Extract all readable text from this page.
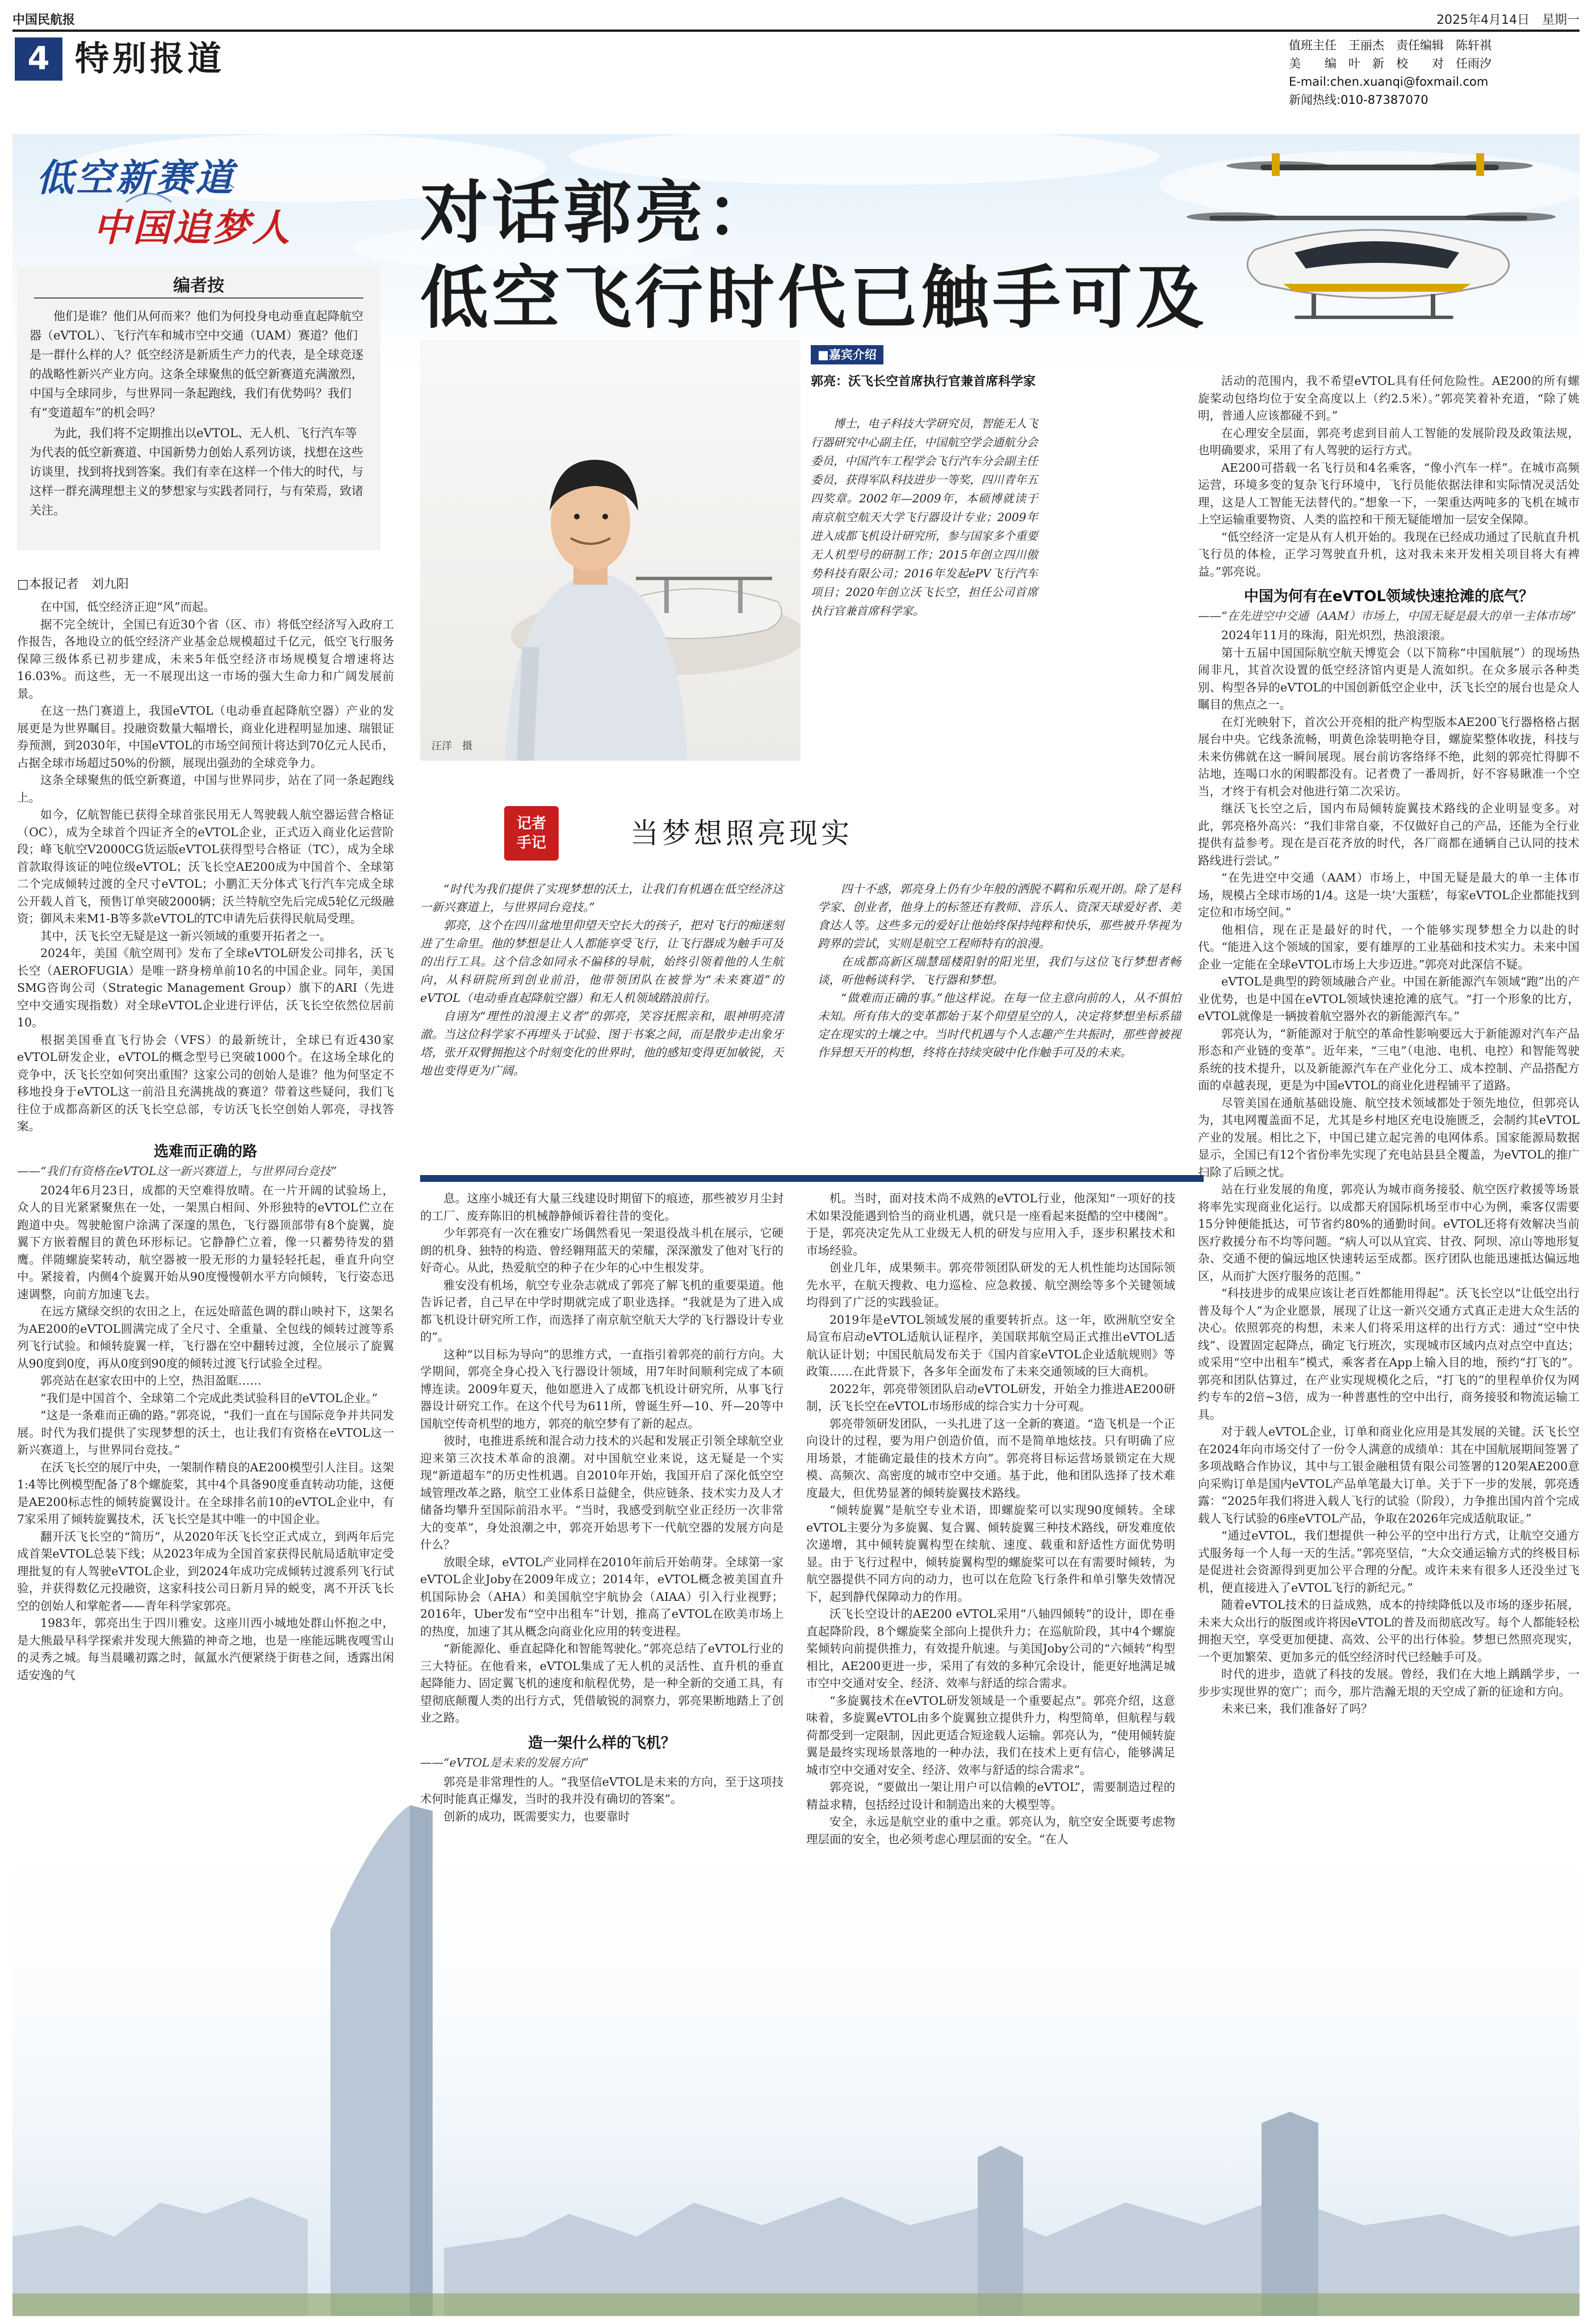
中国民航报	2025年4月14日　星期一
4 特别报道	值班主任　王丽杰　责任编辑　陈轩祺
美　　编　叶　新　校　　对　任雨汐
E-mail:chen.xuanqi@foxmail.com
新闻热线:010-87387070
低空新赛道
中国追梦人 对话郭亮：
低空飞行时代已触手可及
编者按

他们是谁？他们从何而来？他们为何投身电动垂直起降航空器（eVTOL）、飞行汽车和城市空中交通（UAM）赛道？他们是一群什么样的人？低空经济是新质生产力的代表，是全球竞逐的战略性新兴产业方向。这条全球聚焦的低空新赛道充满激烈，中国与全球同步，与世界同一条起跑线，我们有优势吗？我们有“变道超车”的机会吗？

为此，我们将不定期推出以eVTOL、无人机、飞行汽车等为代表的低空新赛道、中国新势力创始人系列访谈，找想在这些访谈里，找到将找到答案。我们有幸在这样一个伟大的时代，与这样一群充满理想主义的梦想家与实践者同行，与有荣焉，致诸关注。

□本报记者　刘九阳
汪洋　摄
■嘉宾介绍
郭亮：沃飞长空首席执行官兼首席科学家
博士，电子科技大学研究员，智能无人飞行器研究中心副主任，中国航空学会通航分会委员，中国汽车工程学会飞行汽车分会副主任委员，获得军队科技进步一等奖，四川青年五四奖章。2002年—2009年，本硕博就读于南京航空航天大学飞行器设计专业；2009年进入成都飞机设计研究所，参与国家多个重要无人机型号的研制工作；2015年创立四川傲势科技有限公司；2016年发起ePV飞行汽车项目；2020年创立沃飞长空，担任公司首席执行官兼首席科学家。
记者
手记	当梦想照亮现实

“时代为我们提供了实现梦想的沃土，让我们有机遇在低空经济这一新兴赛道上，与世界同台竞技。”

郭亮，这个在四川盆地里仰望天空长大的孩子，把对飞行的痴迷刻进了生命里。他的梦想是让人人都能享受飞行，让飞行器成为触手可及的出行工具。这个信念如同永不偏移的导航，始终引领着他的人生航向，从科研院所到创业前沿，他带领团队在被誉为“未来赛道”的eVTOL（电动垂直起降航空器）和无人机领域踏浪前行。

自诩为“理性的浪漫主义者”的郭亮，笑容抚熙亲和，眼神明亮清澈。当这位科学家不再埋头于试验、图于书案之间，而是散步走出象牙塔，张开双臂拥抱这个时刻变化的世界时，他的感知变得更加敏锐，天地也变得更为广阔。

四十不惑，郭亮身上仍有少年般的洒脱不羁和乐观开朗。除了是科学家、创业者，他身上的标签还有教师、音乐人、资深天球爱好者、美食达人等。这些多元的爱好让他始终保持纯粹和快乐，那些被升华视为跨界的尝试，实则是航空工程师特有的浪漫。

在成都高新区瑞慧瑶楼阳射的阳光里，我们与这位飞行梦想者畅谈，听他畅谈科学、飞行器和梦想。

“做难而正确的事。”他这样说。在每一位主意向前的人，从不惧怕未知。所有伟大的变革都始于某个仰望星空的人，决定将梦想坐标系锚定在现实的土壤之中。当时代机遇与个人志趣产生共振时，那些曾被视作异想天开的构想，终将在持续突破中化作触手可及的未来。

在中国，低空经济正迎“风”而起。

据不完全统计，全国已有近30个省（区、市）将低空经济写入政府工作报告，各地设立的低空经济产业基金总规模超过千亿元，低空飞行服务保障三级体系已初步建成，未来5年低空经济市场规模复合增速将达16.03%。而这些，无一不展现出这一市场的强大生命力和广阔发展前景。

在这一热门赛道上，我国eVTOL（电动垂直起降航空器）产业的发展更是为世界瞩目。投融资数量大幅增长，商业化进程明显加速、瑞银证券预测，到2030年，中国eVTOL的市场空间预计将达到70亿元人民币，占据全球市场超过50%的份额，展现出强劲的全球竞争力。

这条全球聚焦的低空新赛道，中国与世界同步，站在了同一条起跑线上。

如今，亿航智能已获得全球首张民用无人驾驶载人航空器运营合格证（OC），成为全球首个四证齐全的eVTOL企业，正式迈入商业化运营阶段；峰飞航空V2000CG货运版eVTOL获得型号合格证（TC），成为全球首款取得该证的吨位级eVTOL；沃飞长空AE200成为中国首个、全球第二个完成倾转过渡的全尺寸eVTOL；小鹏汇天分体式飞行汽车完成全球公开载人首飞，预售订单突破2000辆；沃兰特航空先后完成5轮亿元级融资；御风未来M1-B等多款eVTOL的TC申请先后获得民航局受理。

其中，沃飞长空无疑是这一新兴领域的重要开拓者之一。

2024年，美国《航空周刊》发布了全球eVTOL研发公司排名，沃飞长空（AEROFUGIA）是唯一跻身榜单前10名的中国企业。同年，美国SMG咨询公司（Strategic Management Group）旗下的ARI（先进空中交通实现指数）对全球eVTOL企业进行评估，沃飞长空依然位居前10。

根据美国垂直飞行协会（VFS）的最新统计，全球已有近430家eVTOL研发企业，eVTOL的概念型号已突破1000个。在这场全球化的竞争中，沃飞长空如何突出重围？这家公司的创始人是谁？他为何坚定不移地投身于eVTOL这一前沿且充满挑战的赛道？带着这些疑问，我们飞往位于成都高新区的沃飞长空总部，专访沃飞长空创始人郭亮，寻找答案。

选难而正确的路

——“我们有资格在eVTOL这一新兴赛道上，与世界同台竞技”

2024年6月23日，成都的天空难得放晴。在一片开阔的试验场上，众人的目光紧紧聚焦在一处，一架黑白相间、外形独特的eVTOL伫立在跑道中央。驾驶舱窗户涂满了深邃的黑色，飞行器顶部带有8个旋翼，旋翼下方嵌着醒目的黄色环形标记。它静静伫立着，像一只蓄势待发的猎鹰。伴随螺旋桨转动，航空器被一股无形的力量轻轻托起，垂直升向空中。紧接着，内侧4个旋翼开始从90度慢慢朝水平方向倾转，飞行姿态迅速调整，向前方加速飞去。

在远方黛绿交织的农田之上，在远处暗蓝色调的群山映衬下，这架名为AE200的eVTOL圆满完成了全尺寸、全重量、全包线的倾转过渡等系列飞行试验。和倾转旋翼一样，飞行器在空中翻转过渡，全位展示了旋翼从90度到0度，再从0度到90度的倾转过渡飞行试验全过程。

郭亮站在赵家农田中的上空，热泪盈眶……

“我们是中国首个、全球第二个完成此类试验科目的eVTOL企业。”

“这是一条难而正确的路。”郭亮说，“我们一直在与国际竞争并共同发展。时代为我们提供了实现梦想的沃土，也让我们有资格在eVTOL这一新兴赛道上，与世界同台竞技。”

在沃飞长空的展厅中央，一架制作精良的AE200模型引人注目。这架1:4等比例模型配备了8个螺旋桨，其中4个具备90度垂直转动功能，这便是AE200标志性的倾转旋翼设计。在全球排名前10的eVTOL企业中，有7家采用了倾转旋翼技术，沃飞长空是其中唯一的中国企业。

翻开沃飞长空的“简历”，从2020年沃飞长空正式成立，到两年后完成首架eVTOL总装下线；从2023年成为全国首家获得民航局适航审定受理批复的有人驾驶eVTOL企业，到2024年成功完成倾转过渡系列飞行试验，并获得数亿元投融资，这家科技公司日新月异的蜕变，离不开沃飞长空的创始人和掌舵者——青年科学家郭亮。

1983年，郭亮出生于四川雅安。这座川西小城地处群山怀抱之中，是大熊最早科学探索并发现大熊猫的神奇之地，也是一座能远眺夜嘎雪山的灵秀之城。每当晨曦初露之时，氤氲水汽便紧绕于街巷之间，透露出闲适安逸的气

息。这座小城还有大量三线建设时期留下的痕迹，那些被岁月尘封的工厂、废弃陈旧的机械静静倾诉着往昔的变化。

少年郭亮有一次在雅安广场偶然看见一架退役战斗机在展示，它硬朗的机身、独特的构造、曾经翱翔蓝天的荣耀，深深激发了他对飞行的好奇心。从此，热爱航空的种子在少年的心中生根发芽。

雅安没有机场，航空专业杂志就成了郭亮了解飞机的重要渠道。他告诉记者，自己早在中学时期就完成了职业选择。“我就是为了进入成都飞机设计研究所工作，而选择了南京航空航天大学的飞行器设计专业的”。

这种“以目标为导向”的思维方式，一直指引着郭亮的前行方向。大学期间，郭亮全身心投入飞行器设计领域，用7年时间顺利完成了本硕博连读。2009年夏天，他如愿进入了成都飞机设计研究所，从事飞行器设计研究工作。在这个代号为611所，曾诞生歼—10、歼—20等中国航空传奇机型的地方，郭亮的航空梦有了新的起点。

彼时，电推进系统和混合动力技术的兴起和发展正引领全球航空业迎来第三次技术革命的浪潮。对中国航空业来说，这无疑是一个实现“新道超车”的历史性机遇。自2010年开始，我国开启了深化低空空域管理改革之路，航空工业体系日益健全，供应链条、技术实力及人才储备均攀升至国际前沿水平。“当时，我感受到航空业正经历一次非常大的变革”，身处浪潮之中，郭亮开始思考下一代航空器的发展方向是什么？

放眼全球，eVTOL产业同样在2010年前后开始萌芽。全球第一家eVTOL企业Joby在2009年成立；2014年，eVTOL概念被美国直升机国际协会（AHA）和美国航空宇航协会（AIAA）引入行业视野；2016年，Uber发布“空中出租车”计划，推高了eVTOL在欧美市场上的热度，加速了其从概念向商业化应用的转变进程。

“新能源化、垂直起降化和智能驾驶化。”郭亮总结了eVTOL行业的三大特征。在他看来，eVTOL集成了无人机的灵活性、直升机的垂直起降能力、固定翼飞机的速度和航程优势，是一种全新的交通工具，有望彻底颠覆人类的出行方式，凭借敏锐的洞察力，郭亮果断地踏上了创业之路。

造一架什么样的飞机？

——“eVTOL是未来的发展方向”

郭亮是非常理性的人。“我坚信eVTOL是未来的方向，至于这项技术何时能真正爆发，当时的我并没有确切的答案”。

创新的成功，既需要实力，也要靠时

机。当时，面对技术尚不成熟的eVTOL行业，他深知“一项好的技术如果没能遇到恰当的商业机遇，就只是一座看起来挺酷的空中楼阁”。于是，郭亮决定先从工业级无人机的研发与应用入手，逐步积累技术和市场经验。

创业几年，成果频丰。郭亮带领团队研发的无人机性能均达国际领先水平，在航天搜救、电力巡检、应急救援、航空测绘等多个关键领域均得到了广泛的实践验证。

2019年是eVTOL领域发展的重要转折点。这一年，欧洲航空安全局宣布启动eVTOL适航认证程序，美国联邦航空局正式推出eVTOL适航认证计划；中国民航局发布关于《国内首家eVTOL企业适航规则》等政策……在此背景下，各多年全面发布了未来交通领域的巨大商机。

2022年，郭亮带领团队启动eVTOL研发，开始全力推进AE200研制，沃飞长空在eVTOL市场形成的综合实力十分可观。

郭亮带领研发团队，一头扎进了这一全新的赛道。“造飞机是一个正向设计的过程，要为用户创造价值，而不是简单地炫技。只有明确了应用场景，才能确定最佳的技术方向”。郭亮将目标运营场景锁定在大规模、高频次、高密度的城市空中交通。基于此，他和团队选择了技术难度最大，但优势显著的倾转旋翼技术路线。

“倾转旋翼”是航空专业术语，即螺旋桨可以实现90度倾转。全球eVTOL主要分为多旋翼、复合翼、倾转旋翼三种技术路线，研发难度依次递增，其中倾转旋翼构型在续航、速度、载重和舒适性方面优势明显。由于飞行过程中，倾转旋翼构型的螺旋桨可以在有需要时倾转，为航空器提供不同方向的动力，也可以在危险飞行条件和单引擎失效情况下，起到静代保障动力的作用。

沃飞长空设计的AE200 eVTOL采用“八轴四倾转”的设计，即在垂直起降阶段，8个螺旋桨全部向上提供升力；在巡航阶段，其中4个螺旋桨倾转向前提供推力，有效提升航速。与美国Joby公司的“六倾转”构型相比，AE200更进一步，采用了有效的多种冗余设计，能更好地满足城市空中交通对安全、经济、效率与舒适的综合需求。

“多旋翼技术在eVTOL研发领域是一个重要起点”。郭亮介绍，这意味着，多旋翼eVTOL由多个旋翼独立提供升力，构型简单，但航程与载荷都受到一定限制，因此更适合短途载人运输。郭亮认为，“使用倾转旋翼是最终实现场景落地的一种办法，我们在技术上更有信心，能够满足城市空中交通对安全、经济、效率与舒适的综合需求”。

郭亮说，“要做出一架让用户可以信赖的eVTOL”，需要制造过程的精益求精，包括经过设计和制造出来的大模型等。

安全，永远是航空业的重中之重。郭亮认为，航空安全既要考虑物理层面的安全，也必须考虑心理层面的安全。“在人

活动的范围内，我不希望eVTOL具有任何危险性。AE200的所有螺旋桨动包络均位于安全高度以上（约2.5米）。”郭亮笑着补充道，“除了姚明，普通人应该都碰不到。”

在心理安全层面，郭亮考虑到目前人工智能的发展阶段及政策法规，也明确要求，采用了有人驾驶的运行方式。

AE200可搭载一名飞行员和4名乘客，“像小汽车一样”。在城市高频运营，环境多变的复杂飞行环境中，飞行员能依据法律和实际情况灵活处理，这是人工智能无法替代的。”想象一下，一架重达两吨多的飞机在城市上空运输重要物资、人类的监控和干预无疑能增加一层安全保障。

“低空经济一定是从有人机开始的。我现在已经成功通过了民航直升机飞行员的体检，正学习驾驶直升机，这对我未来开发相关项目将大有裨益。”郭亮说。

中国为何有在eVTOL领域快速抢滩的底气？

——“在先进空中交通（AAM）市场上，中国无疑是最大的单一主体市场”

2024年11月的珠海，阳光炽烈，热浪滚滚。

第十五届中国国际航空航天博览会（以下简称“中国航展”）的现场热闹非凡，其首次设置的低空经济馆内更是人流如织。在众多展示各种类别、构型各异的eVTOL的中国创新低空企业中，沃飞长空的展台也是众人瞩目的焦点之一。

在灯光映射下，首次公开亮相的批产构型版本AE200飞行器格格占据展台中央。它线条流畅，明黄色涂装明艳夺目，螺旋桨整体收拢，科技与未来仿佛就在这一瞬间展现。展台前访客络绎不绝，此刻的郭亮忙得脚不沾地，连喝口水的闲暇都没有。记者费了一番周折，好不容易瞅准一个空当，才终于有机会对他进行第二次采访。

继沃飞长空之后，国内布局倾转旋翼技术路线的企业明显变多。对此，郭亮格外高兴：“我们非常自豪，不仅做好自己的产品，还能为全行业提供有益参考。现在是百花齐放的时代，各厂商都在通辆自己认同的技术路线进行尝试。”

“在先进空中交通（AAM）市场上，中国无疑是最大的单一主体市场，规模占全球市场的1/4。这是一块‘大蛋糕’，每家eVTOL企业都能找到定位和市场空间。”

他相信，现在正是最好的时代，一个能够实现梦想全力以赴的时代。“能进入这个领域的国家，要有雄厚的工业基础和技术实力。未来中国企业一定能在全球eVTOL市场上大步迈进。”郭亮对此深信不疑。

eVTOL是典型的跨领域融合产业。中国在新能源汽车领域“跑”出的产业优势，也是中国在eVTOL领域快速抢滩的底气。“打一个形象的比方，eVTOL就像是一辆披着航空器外衣的新能源汽车。”

郭亮认为，“新能源对于航空的革命性影响要远大于新能源对汽车产品形态和产业链的变革”。近年来，“三电”（电池、电机、电控）和智能驾驶系统的技术提升，以及新能源汽车在产业化分工、成本控制、产品搭配方面的卓越表现，更是为中国eVTOL的商业化进程铺平了道路。

尽管美国在通航基础设施、航空技术领域都处于领先地位，但郭亮认为，其电网覆盖面不足，尤其是乡村地区充电设施匮乏，会制约其eVTOL产业的发展。相比之下，中国已建立起完善的电网体系。国家能源局数据显示，全国已有12个省份率先实现了充电站县县全覆盖，为eVTOL的推广扫除了后顾之忧。

站在行业发展的角度，郭亮认为城市商务接驳、航空医疗救援等场景将率先实现商业化运行。以成都天府国际机场至市中心为例，乘客仅需要15分钟便能抵达，可节省约80%的通勤时间。eVTOL还将有效解决当前医疗救援分布不均等问题。“病人可以从宜宾、甘孜、阿坝、凉山等地形复杂、交通不便的偏远地区快速转运至成都。医疗团队也能迅速抵达偏远地区，从而扩大医疗服务的范围。”

“科技进步的成果应该让老百姓都能用得起”。沃飞长空以“让低空出行普及每个人”为企业愿景，展现了让这一新兴交通方式真正走进大众生活的决心。依照郭亮的构想，未来人们将采用这样的出行方式：通过“空中快线”、设置固定起降点，确定飞行班次，实现城市区域内点对点空中直达；或采用“空中出租车”模式，乘客者在App上输入目的地，预约“打飞的”。郭亮和团队估算过，在产业实现规模化之后，“打飞的”的里程单价仅为网约专车的2倍~3倍，成为一种普惠性的空中出行，商务接驳和物流运输工具。

对于载人eVTOL企业，订单和商业化应用是其发展的关键。沃飞长空在2024年向市场交付了一份令人满意的成绩单：其在中国航展期间签署了多项战略合作协议，其中与工银金融租赁有限公司签署的120架AE200意向采购订单是国内eVTOL产品单笔最大订单。关于下一步的发展，郭亮透露：“2025年我们将进入载人飞行的试验（阶段），力争推出国内首个完成载人飞行试验的6座eVTOL产品，争取在2026年完成适航取证。”

“通过eVTOL，我们想提供一种公平的空中出行方式，让航空交通方式服务每一个人每一天的生活。”郭亮坚信，“大众交通运输方式的终极目标是促进社会资源得到更加公平合理的分配。或许未来有很多人还没坐过飞机，便直接进入了eVTOL飞行的新纪元。”

随着eVTOL技术的日益成熟，成本的持续降低以及市场的逐步拓展，未来大众出行的版图或许将因eVTOL的普及而彻底改写。每个人都能轻松拥抱天空，享受更加便捷、高效、公平的出行体验。梦想已然照亮现实，一个更加繁荣、更加多元的低空经济时代已经触手可及。

时代的进步，造就了科技的发展。曾经，我们在大地上踽踽学步，一步步实现世界的宽广；而今，那片浩瀚无垠的天空成了新的征途和方向。

未来已来，我们准备好了吗？
